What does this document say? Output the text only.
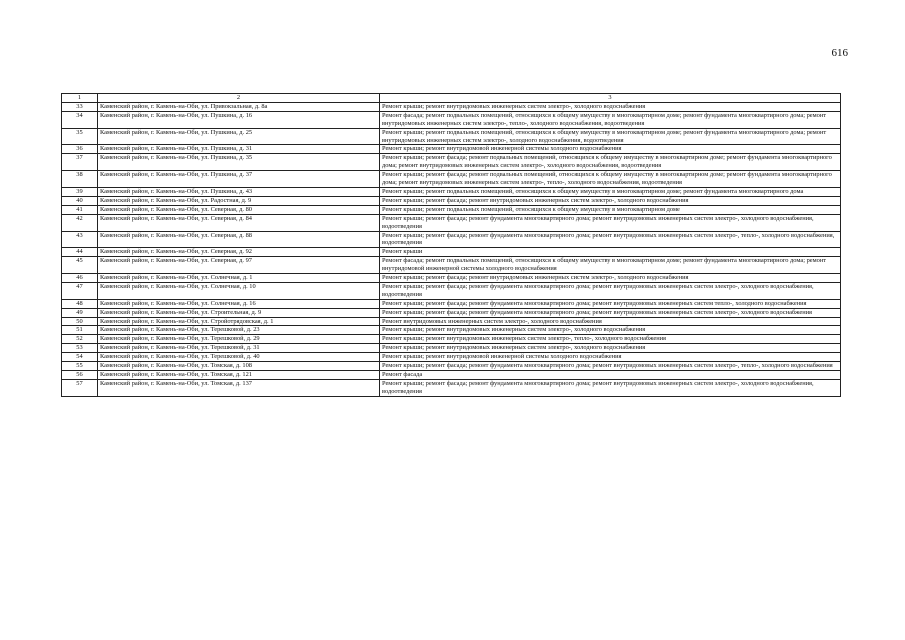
616
1	2	3
33	Каменский район, г. Камень-на-Оби, ул. Привокзальная, д. 8а	Ремонт крыши; ремонт внутридомовых инженерных систем электро-, холодного водоснабжения
34	Каменский район, г. Камень-на-Оби, ул. Пушкина, д. 16	Ремонт фасада; ремонт подвальных помещений, относящихся к общему имуществу в многоквартирном доме; ремонт фундамента многоквартирного дома; ремонт внутридомовых инженерных систем электро-, тепло-, холодного водоснабжения, водоотведения
35	Каменский район, г. Камень-на-Оби, ул. Пушкина, д. 25	Ремонт крыши; ремонт подвальных помещений, относящихся к общему имуществу в многоквартирном доме; ремонт фундамента многоквартирного дома; ремонт внутридомовых инженерных систем электро-, холодного водоснабжения, водоотведения
36	Каменский район, г. Камень-на-Оби, ул. Пушкина, д. 31	Ремонт крыши; ремонт внутридомовой инженерной системы холодного водоснабжения
37	Каменский район, г. Камень-на-Оби, ул. Пушкина, д. 35	Ремонт крыши; ремонт фасада; ремонт подвальных помещений, относящихся к общему имуществу в многоквартирном доме; ремонт фундамента многоквартирного дома; ремонт внутридомовых инженерных систем электро-, холодного водоснабжения, водоотведения
38	Каменский район, г. Камень-на-Оби, ул. Пушкина, д. 37	Ремонт крыши; ремонт фасада; ремонт подвальных помещений, относящихся к общему имуществу в многоквартирном доме; ремонт фундамента многоквартирного дома; ремонт внутридомовых инженерных систем электро-, тепло-, холодного водоснабжения, водоотведения
39	Каменский район, г. Камень-на-Оби, ул. Пушкина, д. 43	Ремонт крыши; ремонт подвальных помещений, относящихся к общему имуществу в многоквартирном доме; ремонт фундамента многоквартирного дома
40	Каменский район, г. Камень-на-Оби, ул. Радостная, д. 9	Ремонт крыши; ремонт фасада; ремонт внутридомовых инженерных систем электро-, холодного водоснабжения
41	Каменский район, г. Камень-на-Оби, ул. Северная, д. 80	Ремонт крыши; ремонт подвальных помещений, относящихся к общему имуществу в многоквартирном доме
42	Каменский район, г. Камень-на-Оби, ул. Северная, д. 84	Ремонт крыши; ремонт фасада; ремонт фундамента многоквартирного дома; ремонт внутридомовых инженерных систем электро-, холодного водоснабжения, водоотведения
43	Каменский район, г. Камень-на-Оби, ул. Северная, д. 88	Ремонт крыши; ремонт фасада; ремонт фундамента многоквартирного дома; ремонт внутридомовых инженерных систем электро-, тепло-, холодного водоснабжения, водоотведения
44	Каменский район, г. Камень-на-Оби, ул. Северная, д. 92	Ремонт крыши
45	Каменский район, г. Камень-на-Оби, ул. Северная, д. 97	Ремонт фасада; ремонт подвальных помещений, относящихся к общему имуществу в многоквартирном доме; ремонт фундамента многоквартирного дома; ремонт внутридомовой инженерной системы холодного водоснабжения
46	Каменский район, г. Камень-на-Оби, ул. Солнечная, д. 1	Ремонт крыши; ремонт фасада; ремонт внутридомовых инженерных систем электро-, холодного водоснабжения
47	Каменский район, г. Камень-на-Оби, ул. Солнечная, д. 10	Ремонт крыши; ремонт фасада; ремонт фундамента многоквартирного дома; ремонт внутридомовых инженерных систем электро-, холодного водоснабжения, водоотведения
48	Каменский район, г. Камень-на-Оби, ул. Солнечная, д. 16	Ремонт крыши; ремонт фасада; ремонт фундамента многоквартирного дома; ремонт внутридомовых инженерных систем тепло-, холодного водоснабжения
49	Каменский район, г. Камень-на-Оби, ул. Строительная, д. 9	Ремонт крыши; ремонт фасада; ремонт фундамента многоквартирного дома; ремонт внутридомовых инженерных систем электро-, холодного водоснабжения
50	Каменский район, г. Камень-на-Оби, ул. Стройотрядовская, д. 1	Ремонт внутридомовых инженерных систем электро-, холодного водоснабжения
51	Каменский район, г. Камень-на-Оби, ул. Терешковой, д. 23	Ремонт крыши; ремонт внутридомовых инженерных систем электро-, холодного водоснабжения
52	Каменский район, г. Камень-на-Оби, ул. Терешковой, д. 29	Ремонт крыши; ремонт внутридомовых инженерных систем электро-, тепло-, холодного водоснабжения
53	Каменский район, г. Камень-на-Оби, ул. Терешковой, д. 31	Ремонт крыши; ремонт внутридомовых инженерных систем электро-, холодного водоснабжения
54	Каменский район, г. Камень-на-Оби, ул. Терешковой, д. 40	Ремонт крыши; ремонт внутридомовой инженерной системы холодного водоснабжения
55	Каменский район, г. Камень-на-Оби, ул. Томская, д. 108	Ремонт крыши; ремонт фасада; ремонт фундамента многоквартирного дома; ремонт внутридомовых инженерных систем электро-, тепло-, холодного водоснабжения
56	Каменский район, г. Камень-на-Оби, ул. Томская, д. 121	Ремонт фасада
57	Каменский район, г. Камень-на-Оби, ул. Томская, д. 137	Ремонт крыши; ремонт фасада; ремонт фундамента многоквартирного дома; ремонт внутридомовых инженерных систем электро-, холодного водоснабжения, водоотведения
